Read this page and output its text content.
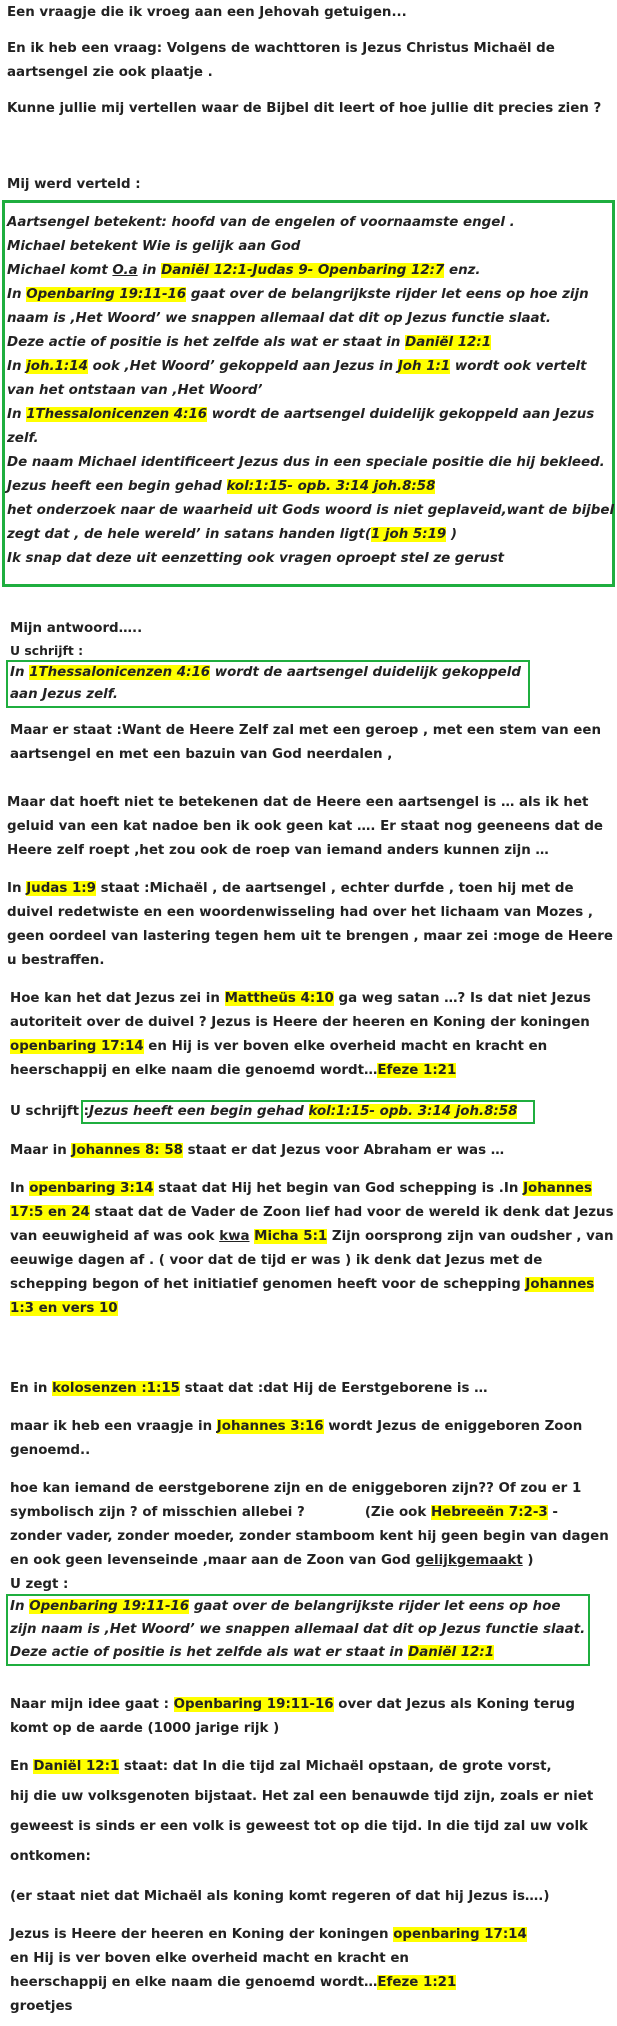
Een vraagje die ik vroeg aan een Jehovah getuigen...
En ik heb een vraag: Volgens de wachttoren is Jezus Christus Michaël de
aartsengel zie ook plaatje .
Kunne jullie mij vertellen waar de Bijbel dit leert of hoe jullie dit precies zien ?
Mij werd verteld :
Aartsengel betekent: hoofd van de engelen of voornaamste engel .
Michael betekent Wie is gelijk aan God
Michael komt O.a in Daniël 12:1-Judas 9- Openbaring 12:7 enz.
In Openbaring 19:11-16 gaat over de belangrijkste rijder let eens op hoe zijn
naam is ,Het Woord’ we snappen allemaal dat dit op Jezus functie slaat.
Deze actie of positie is het zelfde als wat er staat in Daniël 12:1
In joh.1:14 ook ,Het Woord’ gekoppeld aan Jezus in Joh 1:1 wordt ook vertelt
van het ontstaan van ,Het Woord’
In 1Thessalonicenzen 4:16 wordt de aartsengel duidelijk gekoppeld aan Jezus
zelf.
De naam Michael identificeert Jezus dus in een speciale positie die hij bekleed.
Jezus heeft een begin gehad kol:1:15- opb. 3:14 joh.8:58
het onderzoek naar de waarheid uit Gods woord is niet geplaveid,want de bijbel
zegt dat , de hele wereld’ in satans handen ligt(1 joh 5:19 )
Ik snap dat deze uit eenzetting ook vragen oproept stel ze gerust
Mijn antwoord…..
U schrijft :
In 1Thessalonicenzen 4:16 wordt de aartsengel duidelijk gekoppeld
aan Jezus zelf.
Maar er staat :Want de Heere Zelf zal met een geroep , met een stem van een
aartsengel en met een bazuin van God neerdalen ,
Maar dat hoeft niet te betekenen dat de Heere een aartsengel is … als ik het
geluid van een kat nadoe ben ik ook geen kat …. Er staat nog geeneens dat de
Heere zelf roept ,het zou ook de roep van iemand anders kunnen zijn …
In Judas 1:9 staat :Michaël , de aartsengel , echter durfde , toen hij met de
duivel redetwiste en een woordenwisseling had over het lichaam van Mozes ,
geen oordeel van lastering tegen hem uit te brengen , maar zei :moge de Heere
u bestraffen.
Hoe kan het dat Jezus zei in Mattheüs 4:10 ga weg satan …? Is dat niet Jezus
autoriteit over de duivel ? Jezus is Heere der heeren en Koning der koningen
openbaring 17:14 en Hij is ver boven elke overheid macht en kracht en
heerschappij en elke naam die genoemd wordt…Efeze 1:21
U schrijft :Jezus heeft een begin gehad kol:1:15- opb. 3:14 joh.8:58
Maar in Johannes 8: 58 staat er dat Jezus voor Abraham er was …
In openbaring 3:14 staat dat Hij het begin van God schepping is .In Johannes
17:5 en 24 staat dat de Vader de Zoon lief had voor de wereld ik denk dat Jezus
van eeuwigheid af was ook kwa Micha 5:1 Zijn oorsprong zijn van oudsher , van
eeuwige dagen af . ( voor dat de tijd er was ) ik denk dat Jezus met de
schepping begon of het initiatief genomen heeft voor de schepping Johannes
1:3 en vers 10
En in kolosenzen :1:15 staat dat :dat Hij de Eerstgeborene is …
maar ik heb een vraagje in Johannes 3:16 wordt Jezus de eniggeboren Zoon
genoemd..
hoe kan iemand de eerstgeborene zijn en de eniggeboren zijn?? Of zou er 1
symbolisch zijn ? of misschien allebei ?	(Zie ook Hebreeën 7:2-3 -
zonder vader, zonder moeder, zonder stamboom kent hij geen begin van dagen
en ook geen levenseinde ,maar aan de Zoon van God gelijkgemaakt )
U zegt :
In Openbaring 19:11-16 gaat over de belangrijkste rijder let eens op hoe
zijn naam is ,Het Woord’ we snappen allemaal dat dit op Jezus functie slaat.
Deze actie of positie is het zelfde als wat er staat in Daniël 12:1
Naar mijn idee gaat : Openbaring 19:11-16 over dat Jezus als Koning terug
komt op de aarde (1000 jarige rijk )
En Daniël 12:1 staat: dat In die tijd zal Michaël opstaan, de grote vorst,
hij die uw volksgenoten bijstaat. Het zal een benauwde tijd zijn, zoals er niet
geweest is sinds er een volk is geweest tot op die tijd. In die tijd zal uw volk
ontkomen:
(er staat niet dat Michaël als koning komt regeren of dat hij Jezus is….)
Jezus is Heere der heeren en Koning der koningen openbaring 17:14
en Hij is ver boven elke overheid macht en kracht en
heerschappij en elke naam die genoemd wordt…Efeze 1:21
groetjes
